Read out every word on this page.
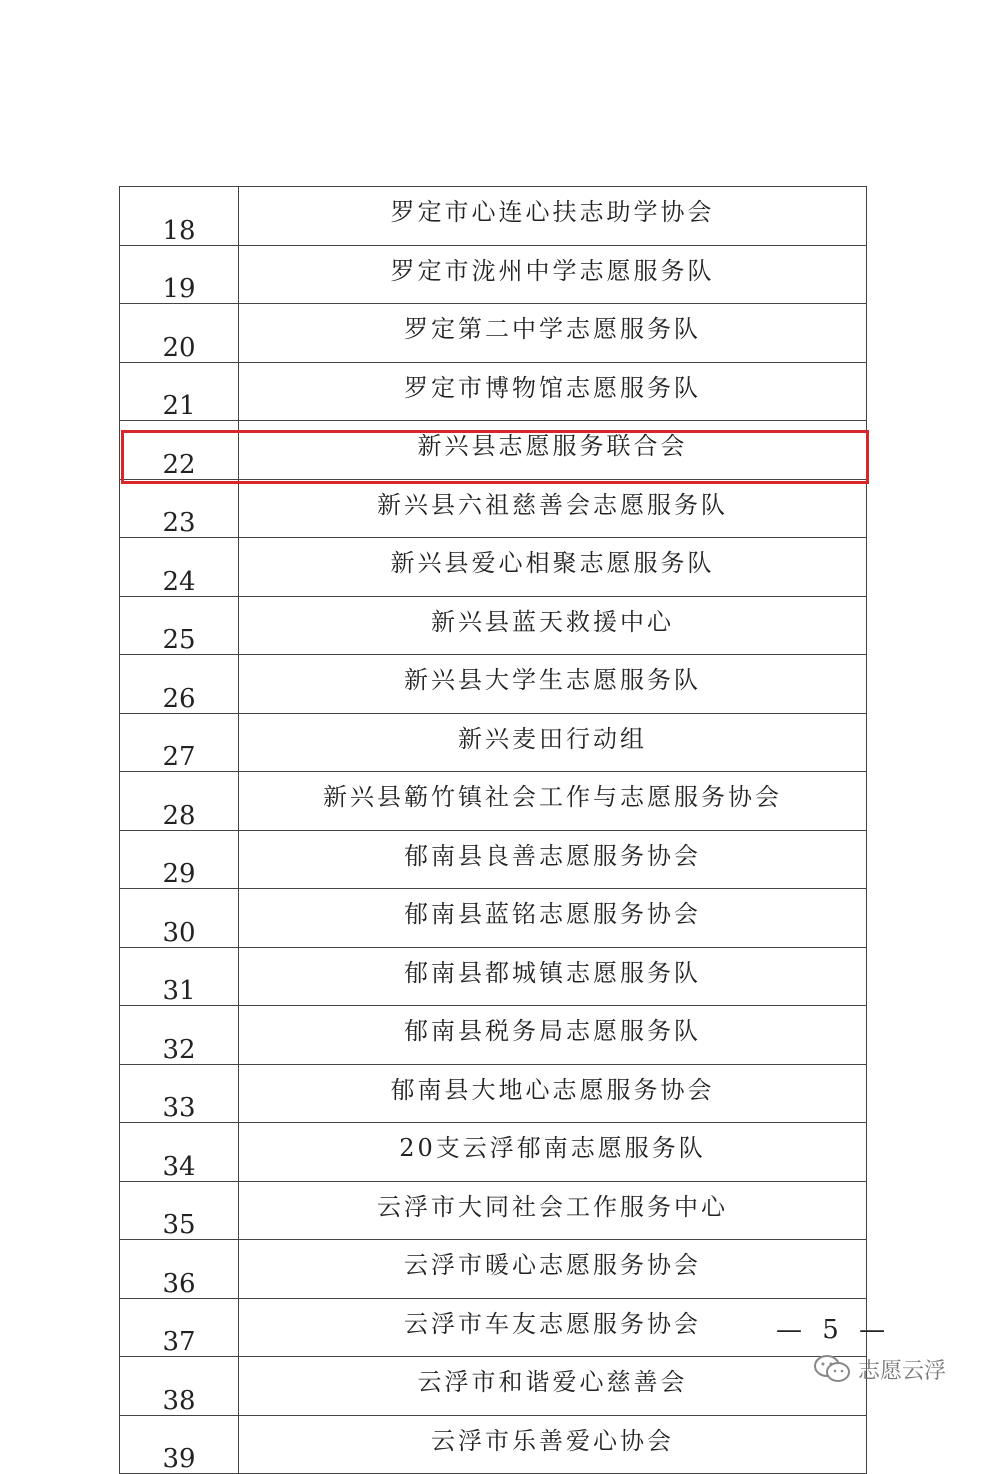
18	罗定市心连心扶志助学协会
19	罗定市泷州中学志愿服务队
20	罗定第二中学志愿服务队
21	罗定市博物馆志愿服务队
22	新兴县志愿服务联合会
23	新兴县六祖慈善会志愿服务队
24	新兴县爱心相聚志愿服务队
25	新兴县蓝天救援中心
26	新兴县大学生志愿服务队
27	新兴麦田行动组
28	新兴县簕竹镇社会工作与志愿服务协会
29	郁南县良善志愿服务协会
30	郁南县蓝铭志愿服务协会
31	郁南县都城镇志愿服务队
32	郁南县税务局志愿服务队
33	郁南县大地心志愿服务协会
34	20支云浮郁南志愿服务队
35	云浮市大同社会工作服务中心
36	云浮市暖心志愿服务协会
37	云浮市车友志愿服务协会
38	云浮市和谐爱心慈善会
39	云浮市乐善爱心协会
— 5 —
志愿云浮
